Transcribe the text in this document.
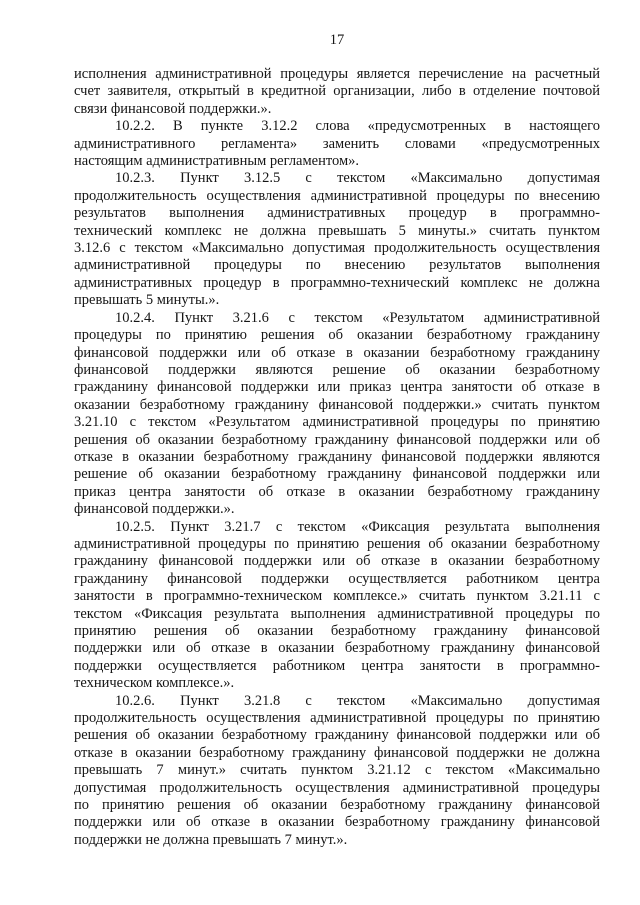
17
исполнения административной процедуры является перечисление на расчетный
счет заявителя, открытый в кредитной организации, либо в отделение почтовой
связи финансовой поддержки.».
10.2.2. В пункте 3.12.2 слова «предусмотренных в настоящего
административного регламента» заменить словами «предусмотренных
настоящим административным регламентом».
10.2.3. Пункт 3.12.5 с текстом «Максимально допустимая
продолжительность осуществления административной процедуры по внесению
результатов выполнения административных процедур в программно-
технический комплекс не должна превышать 5 минуты.» считать пунктом
3.12.6 с текстом «Максимально допустимая продолжительность осуществления
административной процедуры по внесению результатов выполнения
административных процедур в программно-технический комплекс не должна
превышать 5 минуты.».
10.2.4. Пункт 3.21.6 с текстом «Результатом административной
процедуры по принятию решения об оказании безработному гражданину
финансовой поддержки или об отказе в оказании безработному гражданину
финансовой поддержки являются решение об оказании безработному
гражданину финансовой поддержки или приказ центра занятости об отказе в
оказании безработному гражданину финансовой поддержки.» считать пунктом
3.21.10 с текстом «Результатом административной процедуры по принятию
решения об оказании безработному гражданину финансовой поддержки или об
отказе в оказании безработному гражданину финансовой поддержки являются
решение об оказании безработному гражданину финансовой поддержки или
приказ центра занятости об отказе в оказании безработному гражданину
финансовой поддержки.».
10.2.5. Пункт 3.21.7 с текстом «Фиксация результата выполнения
административной процедуры по принятию решения об оказании безработному
гражданину финансовой поддержки или об отказе в оказании безработному
гражданину финансовой поддержки осуществляется работником центра
занятости в программно-техническом комплексе.» считать пунктом 3.21.11 с
текстом «Фиксация результата выполнения административной процедуры по
принятию решения об оказании безработному гражданину финансовой
поддержки или об отказе в оказании безработному гражданину финансовой
поддержки осуществляется работником центра занятости в программно-
техническом комплексе.».
10.2.6. Пункт 3.21.8 с текстом «Максимально допустимая
продолжительность осуществления административной процедуры по принятию
решения об оказании безработному гражданину финансовой поддержки или об
отказе в оказании безработному гражданину финансовой поддержки не должна
превышать 7 минут.» считать пунктом 3.21.12 с текстом «Максимально
допустимая продолжительность осуществления административной процедуры
по принятию решения об оказании безработному гражданину финансовой
поддержки или об отказе в оказании безработному гражданину финансовой
поддержки не должна превышать 7 минут.».
